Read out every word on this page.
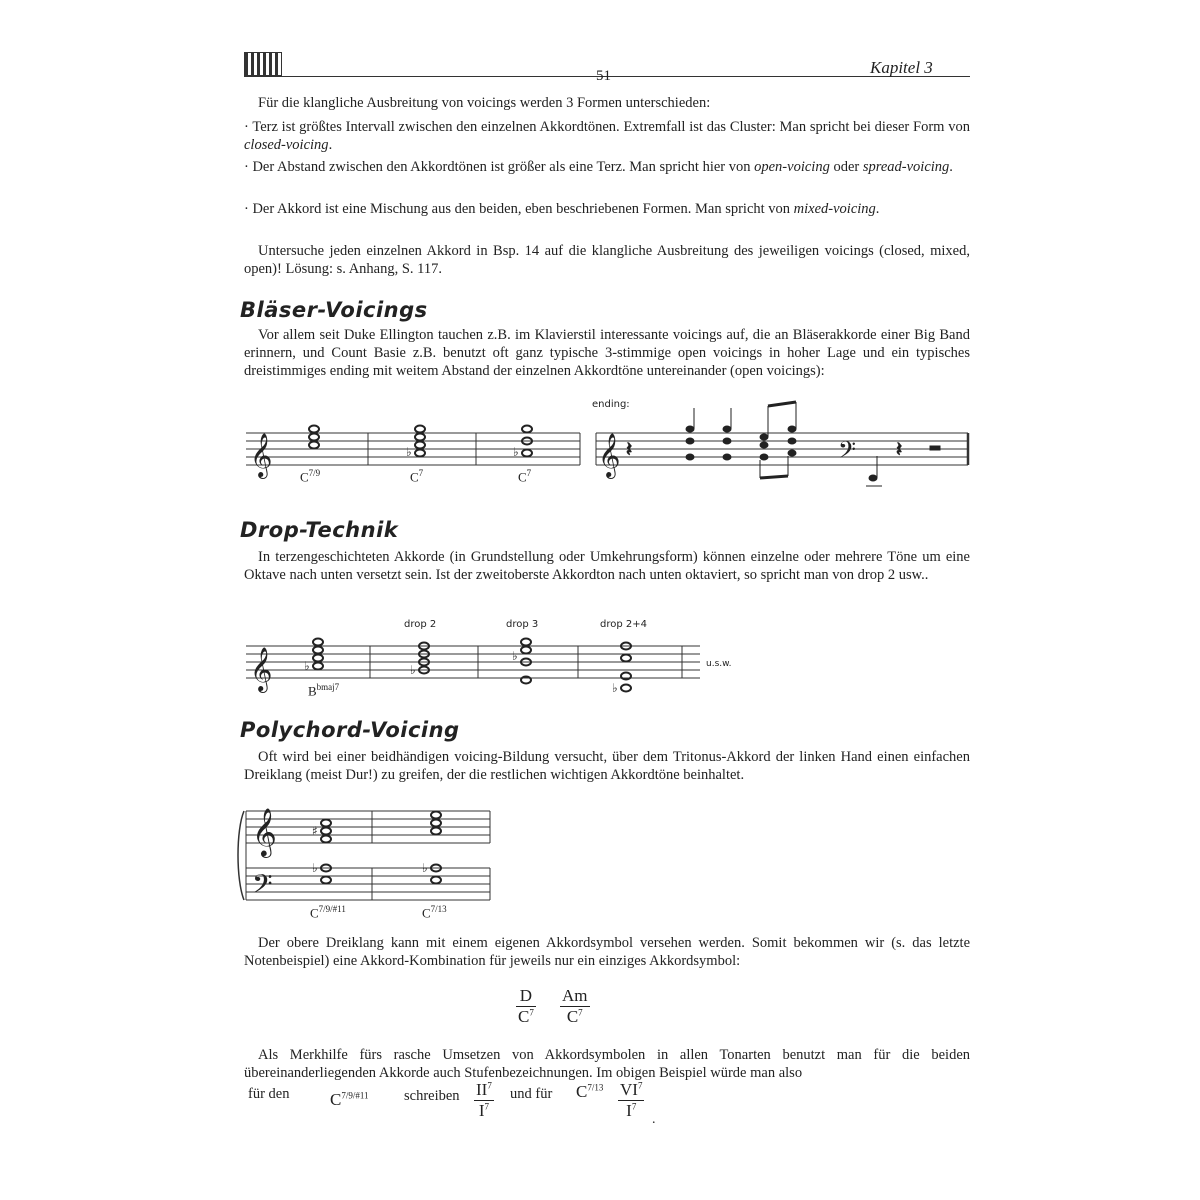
51	Kapitel 3
Für die klangliche Ausbreitung von voicings werden 3 Formen unterschieden:
· Terz ist größtes Intervall zwischen den einzelnen Akkordtönen. Extremfall ist das Cluster: Man spricht bei dieser Form von closed-voicing.
· Der Abstand zwischen den Akkordtönen ist größer als eine Terz. Man spricht hier von open-voicing oder spread-voicing.
· Der Akkord ist eine Mischung aus den beiden, eben beschriebenen Formen. Man spricht von mixed-voicing.
Untersuche jeden einzelnen Akkord in Bsp. 14 auf die klangliche Ausbreitung des jeweiligen voicings (closed, mixed, open)! Lösung: s. Anhang, S. 117.
Bläser-Voicings
Vor allem seit Duke Ellington tauchen z.B. im Klavierstil interessante voicings auf, die an Bläserakkorde einer Big Band erinnern, und Count Basie z.B. benutzt oft ganz typische 3-stimmige open voicings in hoher Lage und ein typisches dreistimmiges ending mit weitem Abstand der einzelnen Akkordtöne untereinander (open voicings):
𝄞	𝄞
𝄞
𝄞
𝄢
𝄢
♭	♭	𝄽	𝄽
♭	♭
♭
♭
♯
♭	♭
ending:
$C^{7/9}$	$C^7$	$C^7$
Drop-Technik
In terzengeschichteten Akkorde (in Grundstellung oder Umkehrungsform) können einzelne oder mehrere Töne um eine Oktave nach unten versetzt sein. Ist der zweitoberste Akkordton nach unten oktaviert, so spricht man von drop 2 usw..
drop 2	drop 3	drop 2+4
$B^{bmaj7}$
u.s.w.
Polychord-Voicing
Oft wird bei einer beidhändigen voicing-Bildung versucht, über dem Tritonus-Akkord der linken Hand einen einfachen Dreiklang (meist Dur!) zu greifen, der die restlichen wichtigen Akkordtöne beinhaltet.
$C^{7/9/\#11}$	$C^{7/13}$
Der obere Dreiklang kann mit einem eigenen Akkordsymbol versehen werden. Somit bekommen wir (s. das letzte Notenbeispiel) eine Akkord-Kombination für jeweils nur ein einziges Akkordsymbol:
$\frac{D}{C^7} \frac{Am}{C^7}$
Als Merkhilfe fürs rasche Umsetzen von Akkordsymbolen in allen Tonarten benutzt man für die beiden übereinanderliegenden Akkorde auch Stufenbezeichnungen. Im obigen Beispiel würde man also
für den $C^{7/9/\#11}$ schreiben $\frac{II^7}{I^7}$ und für $C^{7/13} \frac{VI^7}{I^7}$ .
